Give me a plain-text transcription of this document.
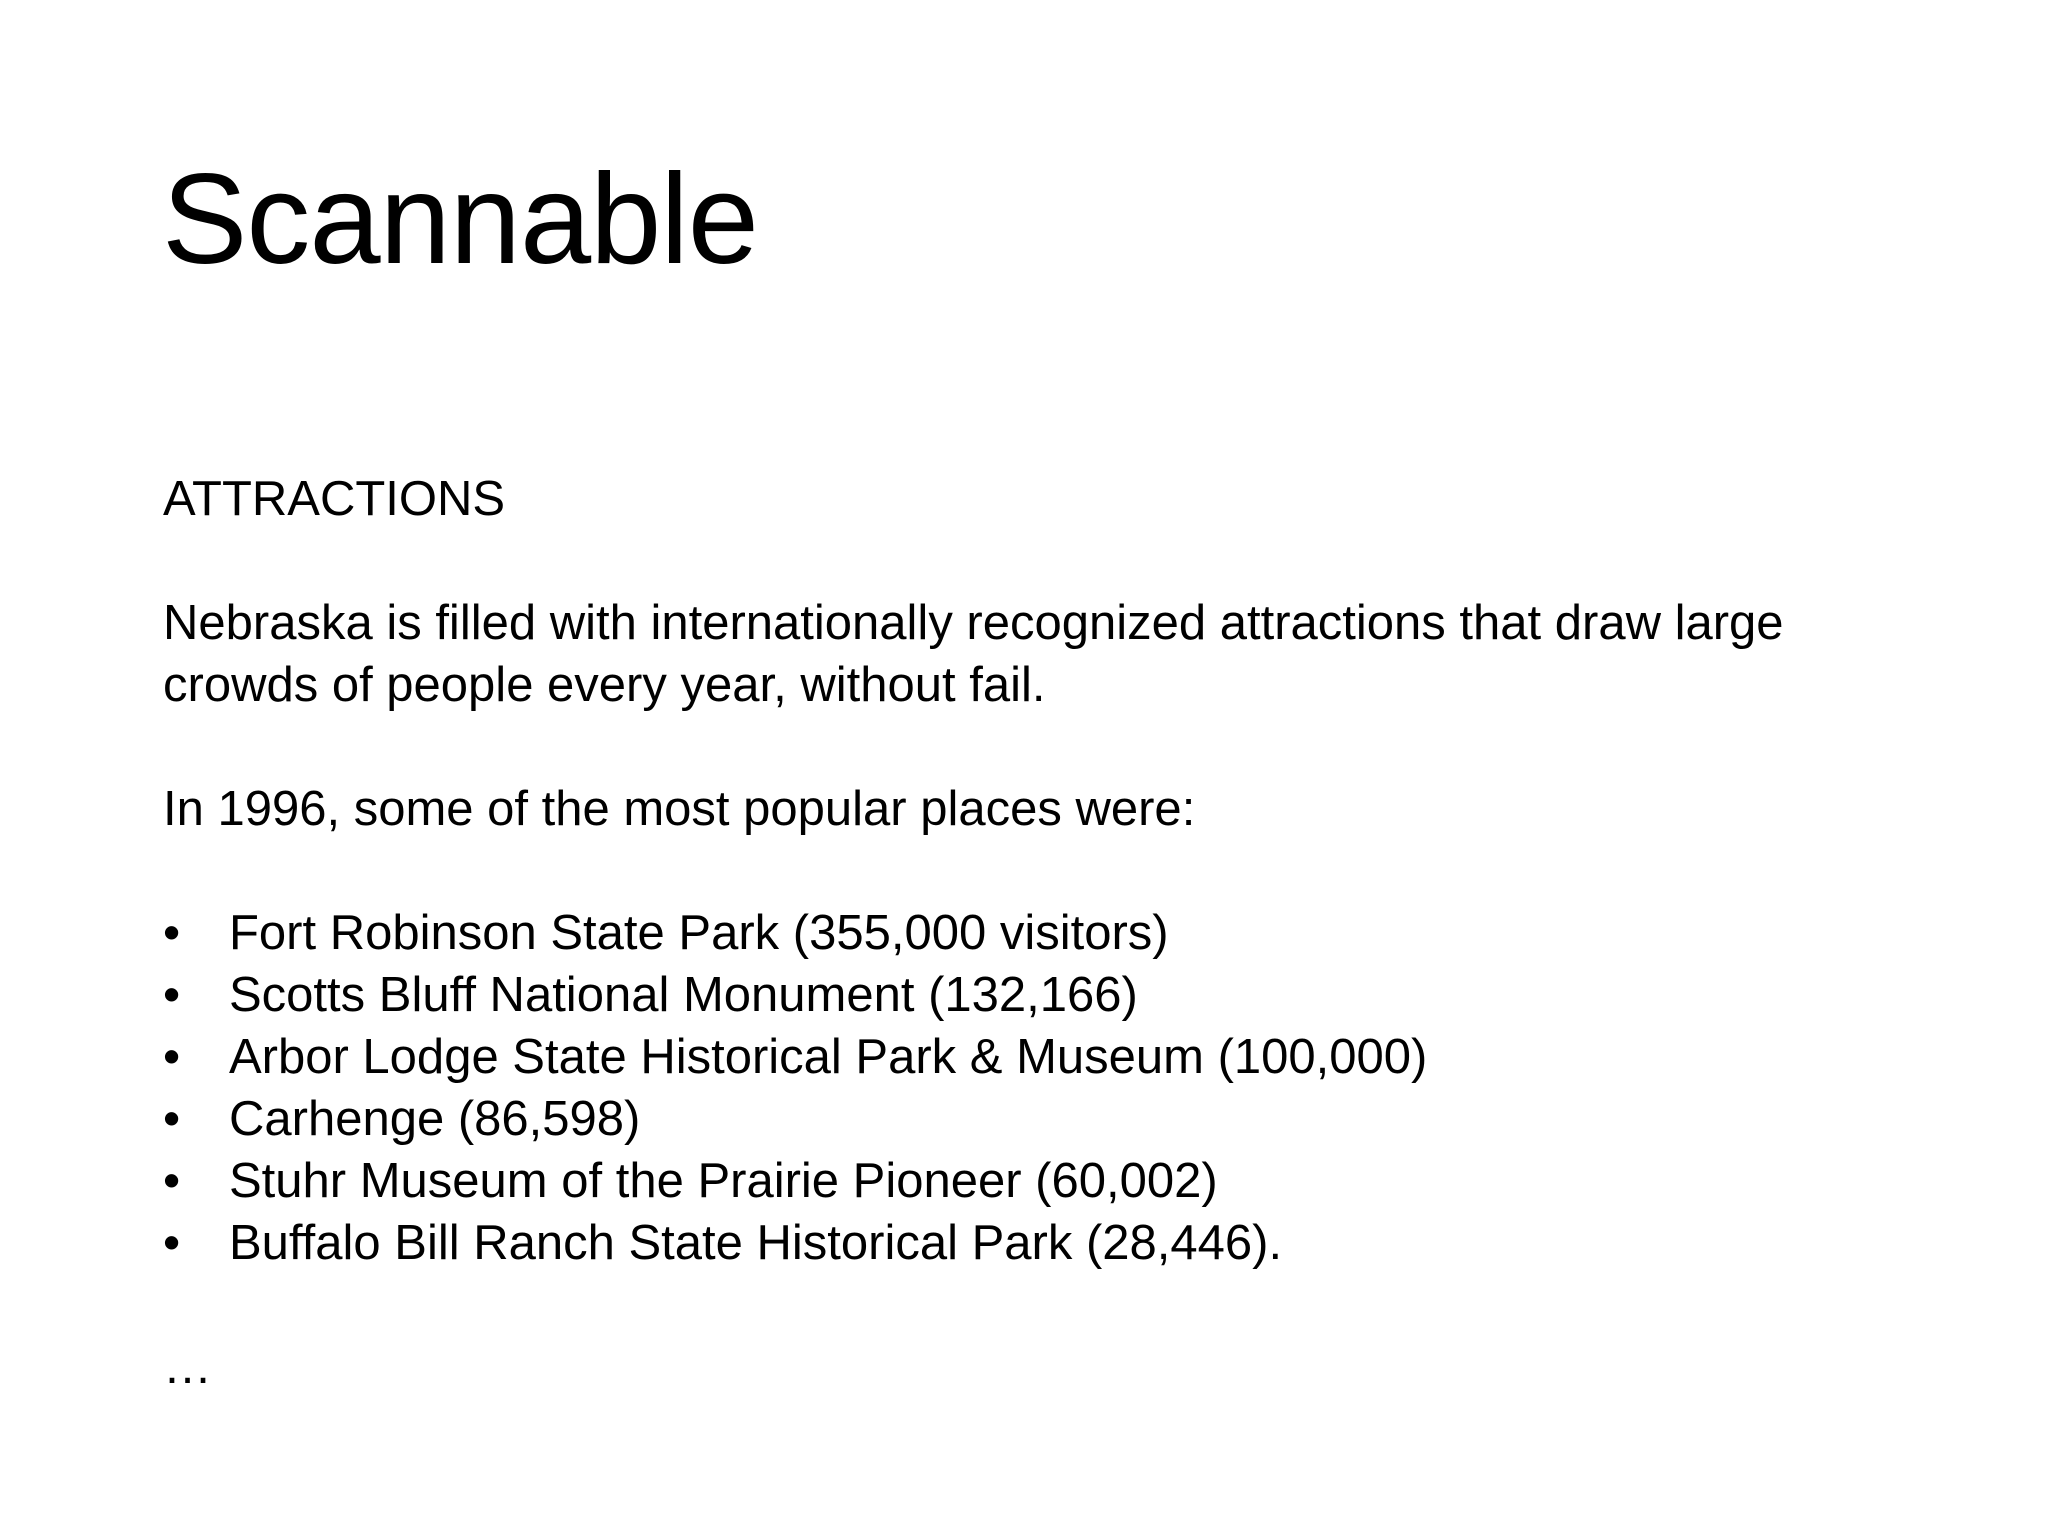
Scannable

ATTRACTIONS

Nebraska is filled with internationally recognized attractions that draw large crowds of people every year, without fail.

In 1996, some of the most popular places were:

• Fort Robinson State Park (355,000 visitors)
• Scotts Bluff National Monument (132,166)
• Arbor Lodge State Historical Park & Museum (100,000)
• Carhenge (86,598)
• Stuhr Museum of the Prairie Pioneer (60,002)
• Buffalo Bill Ranch State Historical Park (28,446).

…
